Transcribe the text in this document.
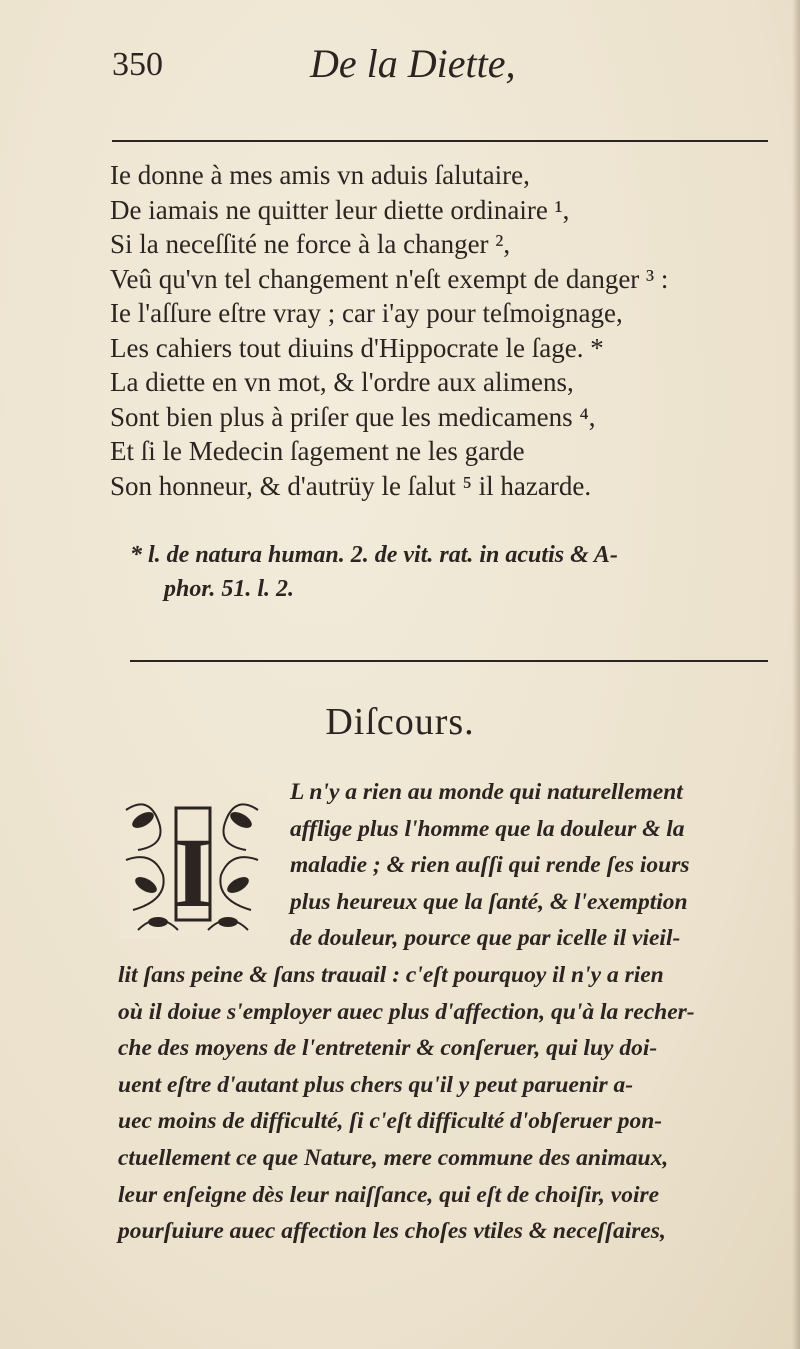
350	De la Diette,
Ie donne à mes amis vn aduis ſalutaire,
De iamais ne quitter leur diette ordinaire ¹,
Si la neceſſité ne force à la changer ²,
Veû qu'vn tel changement n'eſt exempt de danger ³ :
Ie l'aſſure eſtre vray ; car i'ay pour teſmoignage,
Les cahiers tout diuins d'Hippocrate le ſage. *
La diette en vn mot, & l'ordre aux alimens,
Sont bien plus à priſer que les medicamens ⁴,
Et ſi le Medecin ſagement ne les garde
Son honneur, & d'autrüy le ſalut ⁵ il hazarde.
* l. de natura human. 2. de vit. rat. in acutis & A-
phor. 51. l. 2.
Diſcours.
I
L n'y a rien au monde qui naturellement
afflige plus l'homme que la douleur & la
maladie ; & rien auſſi qui rende ſes iours
plus heureux que la ſanté, & l'exemption
de douleur, pource que par icelle il vieil-
lit ſans peine & ſans trauail : c'eſt pourquoy il n'y a rien
où il doiue s'employer auec plus d'affection, qu'à la recher-
che des moyens de l'entretenir & conſeruer, qui luy doi-
uent eſtre d'autant plus chers qu'il y peut paruenir a-
uec moins de difficulté, ſi c'eſt difficulté d'obſeruer pon-
ctuellement ce que Nature, mere commune des animaux,
leur enſeigne dès leur naiſſance, qui eſt de choiſir, voire
pourſuiure auec affection les choſes vtiles & neceſſaires,
